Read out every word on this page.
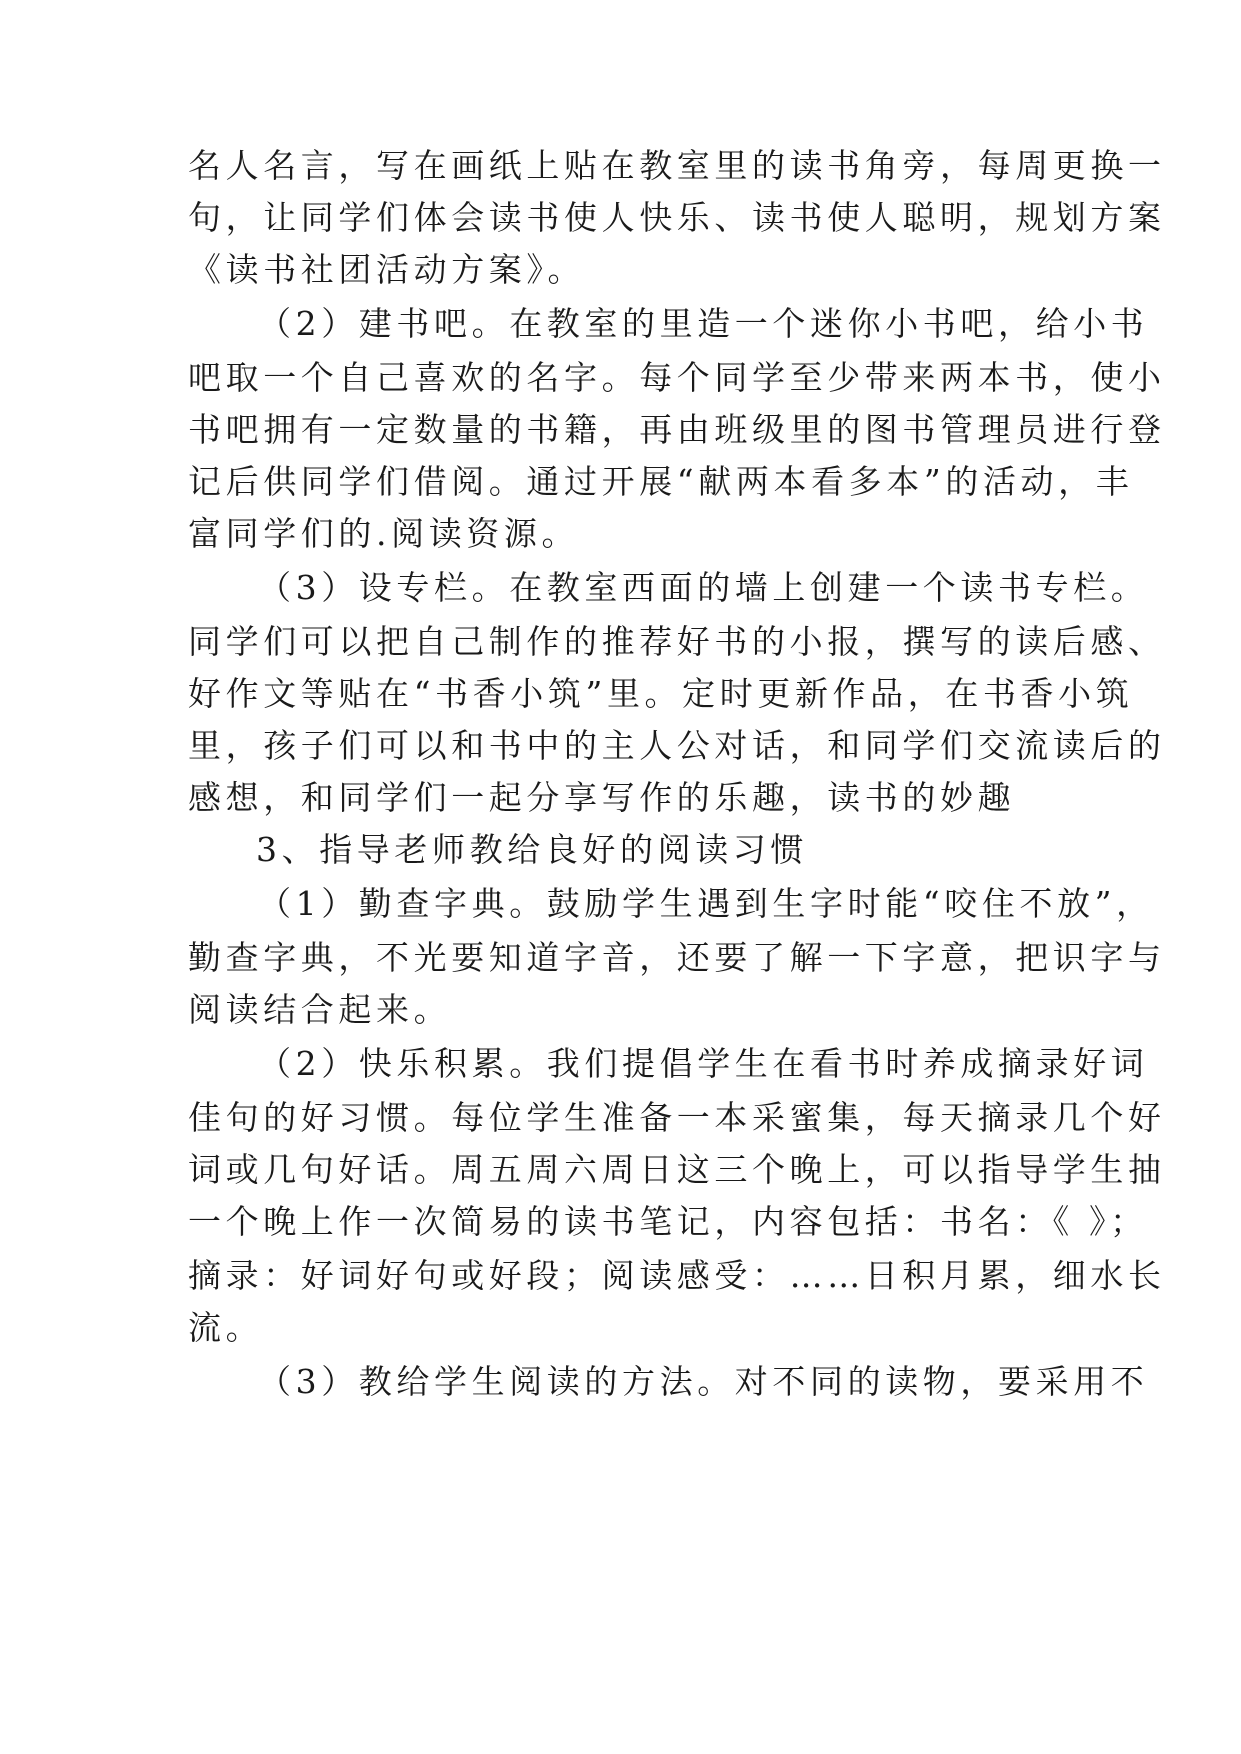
名人名言，写在画纸上贴在教室里的读书角旁，每周更换一
句，让同学们体会读书使人快乐、读书使人聪明，规划方案
《读书社团活动方案》。
（2）建书吧。在教室的里造一个迷你小书吧，给小书
吧取一个自己喜欢的名字。每个同学至少带来两本书，使小
书吧拥有一定数量的书籍，再由班级里的图书管理员进行登
记后供同学们借阅。通过开展“献两本看多本”的活动，丰
富同学们的.阅读资源。
（3）设专栏。在教室西面的墙上创建一个读书专栏。
同学们可以把自己制作的推荐好书的小报，撰写的读后感、
好作文等贴在“书香小筑”里。定时更新作品，在书香小筑
里，孩子们可以和书中的主人公对话，和同学们交流读后的
感想，和同学们一起分享写作的乐趣，读书的妙趣
3、指导老师教给良好的阅读习惯
（1）勤查字典。鼓励学生遇到生字时能“咬住不放”，
勤查字典，不光要知道字音，还要了解一下字意，把识字与
阅读结合起来。
（2）快乐积累。我们提倡学生在看书时养成摘录好词
佳句的好习惯。每位学生准备一本采蜜集，每天摘录几个好
词或几句好话。周五周六周日这三个晚上，可以指导学生抽
一个晚上作一次简易的读书笔记，内容包括：书名：《 》；
摘录：好词好句或好段；阅读感受：……日积月累，细水长
流。
（3）教给学生阅读的方法。对不同的读物，要采用不
